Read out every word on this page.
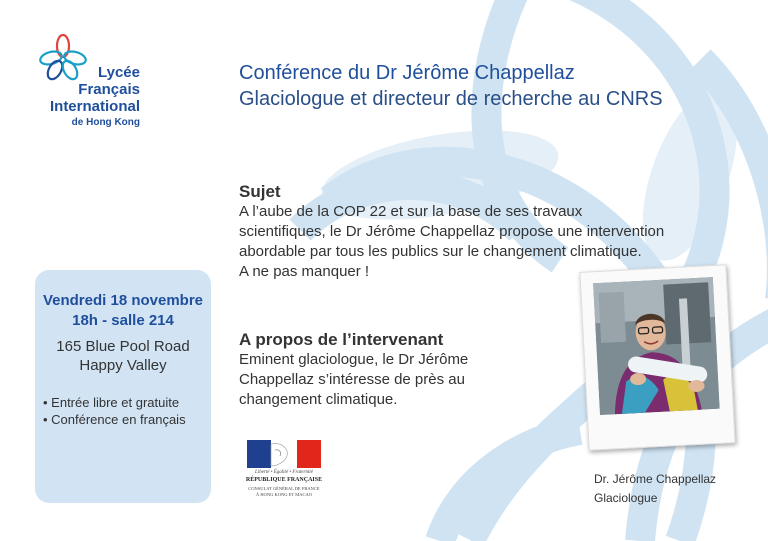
Lycée
Français
International
de Hong Kong
Conférence du Dr Jérôme Chappellaz
Glaciologue et directeur de recherche au CNRS
Sujet
A l’aube de la COP 22 et sur la base de ses travaux
scientifiques, le Dr Jérôme Chappellaz propose une intervention
abordable par tous les publics sur le changement climatique.
A ne pas manquer !
A propos de l’intervenant
Eminent glaciologue, le Dr Jérôme
Chappellaz s’intéresse de près au
changement climatique.
Vendredi 18 novembre
18h - salle 214
165 Blue Pool Road
Happy Valley
• Entrée libre et gratuite
• Conférence en français
Dr. Jérôme Chappellaz
Glaciologue
Liberté • Égalité • Fraternité
RÉPUBLIQUE FRANÇAISE
CONSULAT GÉNÉRAL DE FRANCE
À HONG KONG ET MACAO
